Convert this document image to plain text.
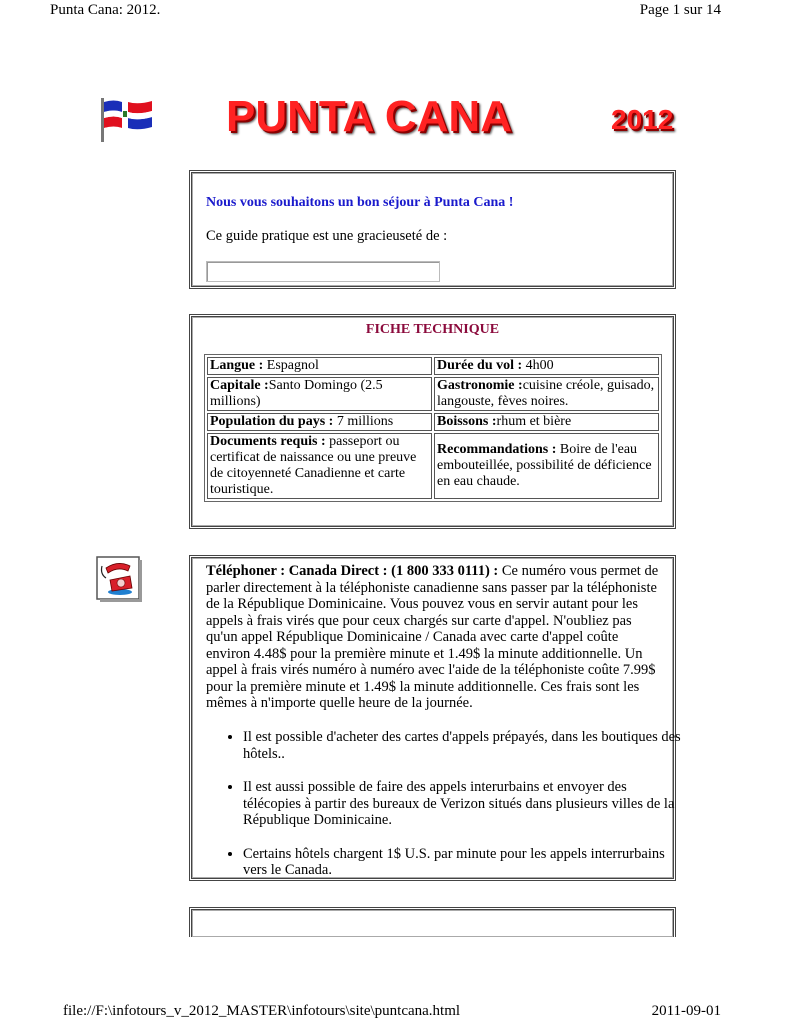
Punta Cana: 2012.	Page 1 sur 14
PUNTA CANA	2012
Nous vous souhaitons un bon séjour à Punta Cana !
Ce guide pratique est une gracieuseté de :
FICHE TECHNIQUE
Langue : Espagnol	Durée du vol : 4h00
Capitale :Santo Domingo (2.5 millions)	Gastronomie :cuisine créole, guisado, langouste, fèves noires.
Population du pays : 7 millions	Boissons :rhum et bière
Documents requis : passeport ou certificat de naissance ou une preuve de citoyenneté Canadienne et carte touristique.	Recommandations : Boire de l'eau embouteillée, possibilité de déficience en eau chaude.
Téléphoner : Canada Direct : (1 800 333 0111) : Ce numéro vous permet de parler directement à la téléphoniste canadienne sans passer par la téléphoniste de la République Dominicaine. Vous pouvez vous en servir autant pour les appels à frais virés que pour ceux chargés sur carte d'appel. N'oubliez pas qu'un appel République Dominicaine / Canada avec carte d'appel coûte environ 4.48$ pour la première minute et 1.49$ la minute additionnelle. Un appel à frais virés numéro à numéro avec l'aide de la téléphoniste coûte 7.99$ pour la première minute et 1.49$ la minute additionnelle. Ces frais sont les mêmes à n'importe quelle heure de la journée.
• Il est possible d'acheter des cartes d'appels prépayés, dans les boutiques des hôtels..
• Il est aussi possible de faire des appels interurbains et envoyer des télécopies à partir des bureaux de Verizon situés dans plusieurs villes de la République Dominicaine.
• Certains hôtels chargent 1$ U.S. par minute pour les appels interrurbains vers le Canada.
file://F:\infotours_v_2012_MASTER\infotours\site\puntcana.html	2011-09-01
